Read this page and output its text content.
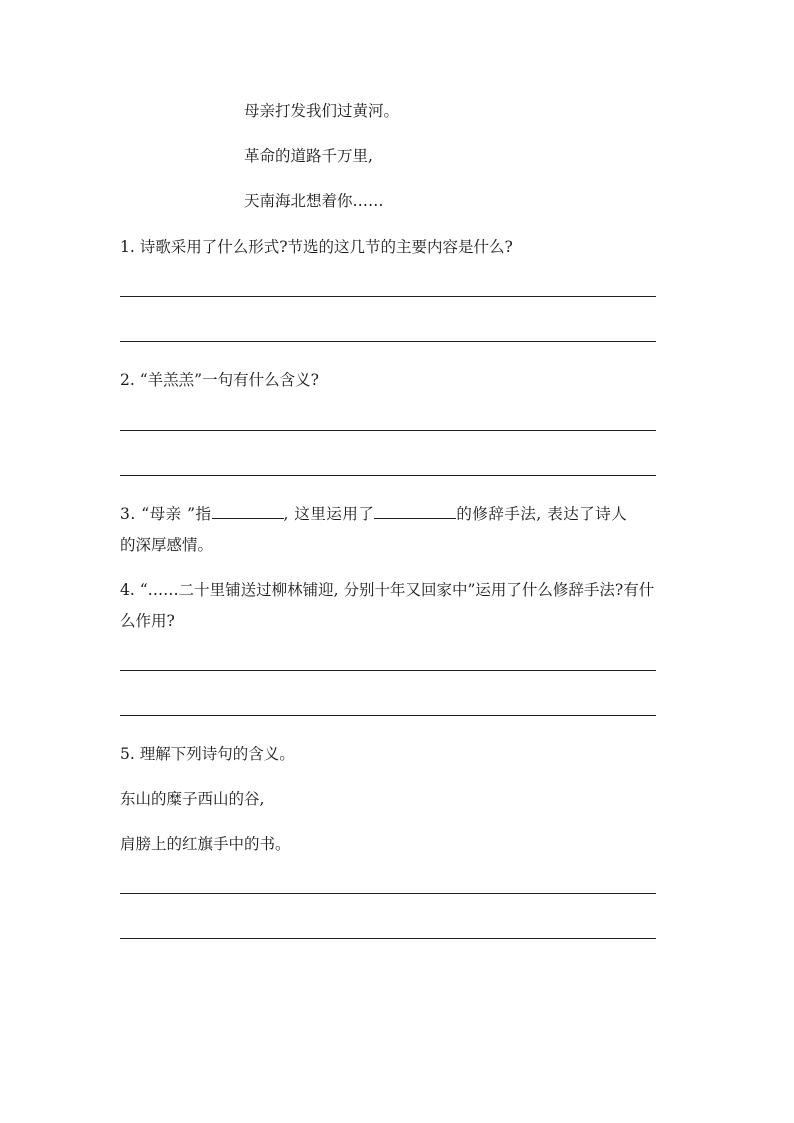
母亲打发我们过黄河。
革命的道路千万里,
天南海北想着你……
1. 诗歌采用了什么形式?节选的这几节的主要内容是什么?
2. “羊羔羔”一句有什么含义?
3. “母亲 ”指	, 这里运用了	的修辞手法, 表达了诗人
的深厚感情。
4. “……二十里铺送过柳林铺迎, 分别十年又回家中”运用了什么修辞手法?有什
么作用?
5. 理解下列诗句的含义。
东山的糜子西山的谷,
肩膀上的红旗手中的书。
